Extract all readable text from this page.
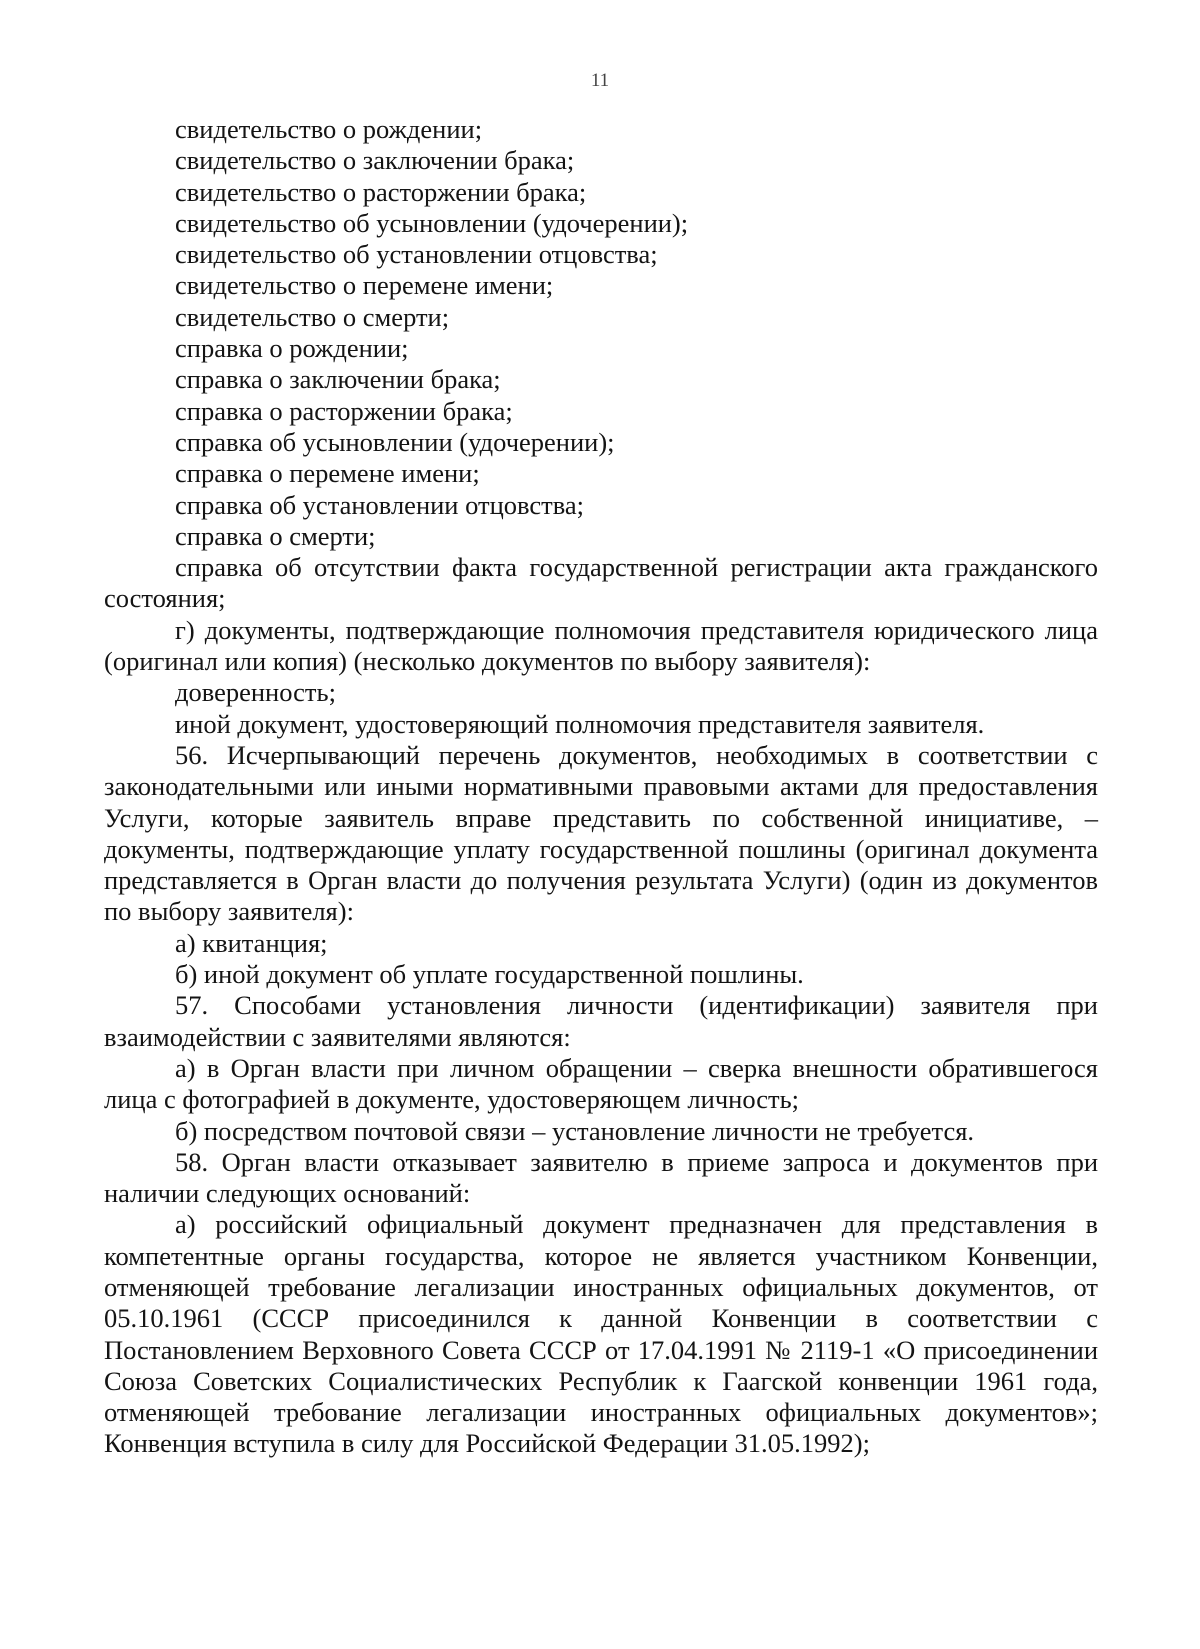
11

свидетельство о рождении;

свидетельство о заключении брака;

свидетельство о расторжении брака;

свидетельство об усыновлении (удочерении);

свидетельство об установлении отцовства;

свидетельство о перемене имени;

свидетельство о смерти;

справка о рождении;

справка о заключении брака;

справка о расторжении брака;

справка об усыновлении (удочерении);

справка о перемене имени;

справка об установлении отцовства;

справка о смерти;

справка об отсутствии факта государственной регистрации акта гражданского состояния;

г) документы, подтверждающие полномочия представителя юридического лица (оригинал или копия) (несколько документов по выбору заявителя):

доверенность;

иной документ, удостоверяющий полномочия представителя заявителя.

56. Исчерпывающий перечень документов, необходимых в соответствии с законодательными или иными нормативными правовыми актами для предоставления Услуги, которые заявитель вправе представить по собственной инициативе, – документы, подтверждающие уплату государственной пошлины (оригинал документа представляется в Орган власти до получения результата Услуги) (один из документов по выбору заявителя):

а) квитанция;

б) иной документ об уплате государственной пошлины.

57. Способами установления личности (идентификации) заявителя при взаимодействии с заявителями являются:

а) в Орган власти при личном обращении – сверка внешности обратившегося лица с фотографией в документе, удостоверяющем личность;

б) посредством почтовой связи – установление личности не требуется.

58. Орган власти отказывает заявителю в приеме запроса и документов при наличии следующих оснований:

а) российский официальный документ предназначен для представления в компетентные органы государства, которое не является участником Конвенции, отменяющей требование легализации иностранных официальных документов, от 05.10.1961 (СССР присоединился к данной Конвенции в соответствии с Постановлением Верховного Совета СССР от 17.04.1991 № 2119-1 «О присоединении Союза Советских Социалистических Республик к Гаагской конвенции 1961 года, отменяющей требование легализации иностранных официальных документов»; Конвенция вступила в силу для Российской Федерации 31.05.1992);
